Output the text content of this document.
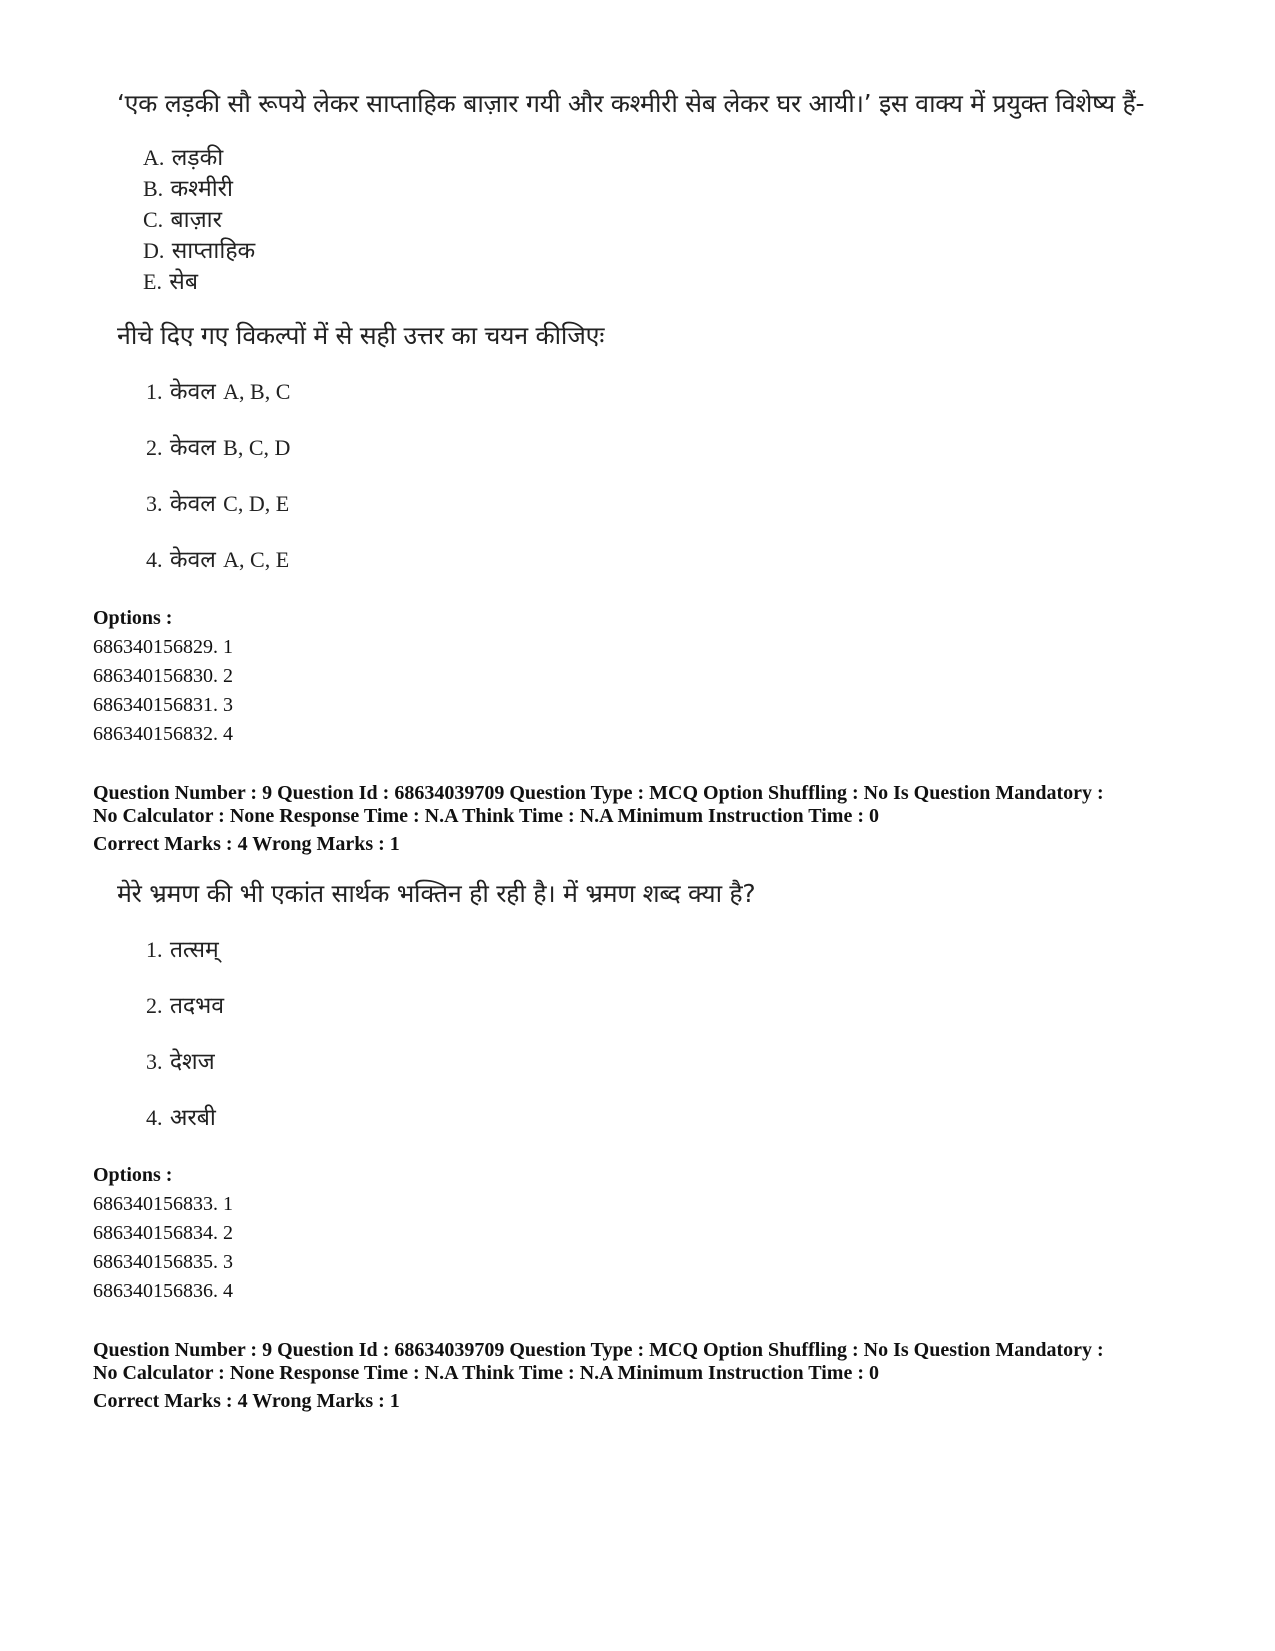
‘एक लड़की सौ रूपये लेकर साप्ताहिक बाज़ार गयी और कश्मीरी सेब लेकर घर आयी।’ इस वाक्य में प्रयुक्त विशेष्य हैं-
A. लड़की
B. कश्मीरी
C. बाज़ार
D. साप्ताहिक
E. सेब
नीचे दिए गए विकल्पों में से सही उत्तर का चयन कीजिएः
1. केवल A, B, C
2. केवल B, C, D
3. केवल C, D, E
4. केवल A, C, E
Options :
686340156829. 1
686340156830. 2
686340156831. 3
686340156832. 4
Question Number : 9 Question Id : 68634039709 Question Type : MCQ Option Shuffling : No Is Question Mandatory :
No Calculator : None Response Time : N.A Think Time : N.A Minimum Instruction Time : 0
Correct Marks : 4 Wrong Marks : 1
मेरे भ्रमण की भी एकांत सार्थक भक्तिन ही रही है। में भ्रमण शब्द क्या है?
1. तत्सम्
2. तदभव
3. देशज
4. अरबी
Options :
686340156833. 1
686340156834. 2
686340156835. 3
686340156836. 4
Question Number : 9 Question Id : 68634039709 Question Type : MCQ Option Shuffling : No Is Question Mandatory :
No Calculator : None Response Time : N.A Think Time : N.A Minimum Instruction Time : 0
Correct Marks : 4 Wrong Marks : 1
